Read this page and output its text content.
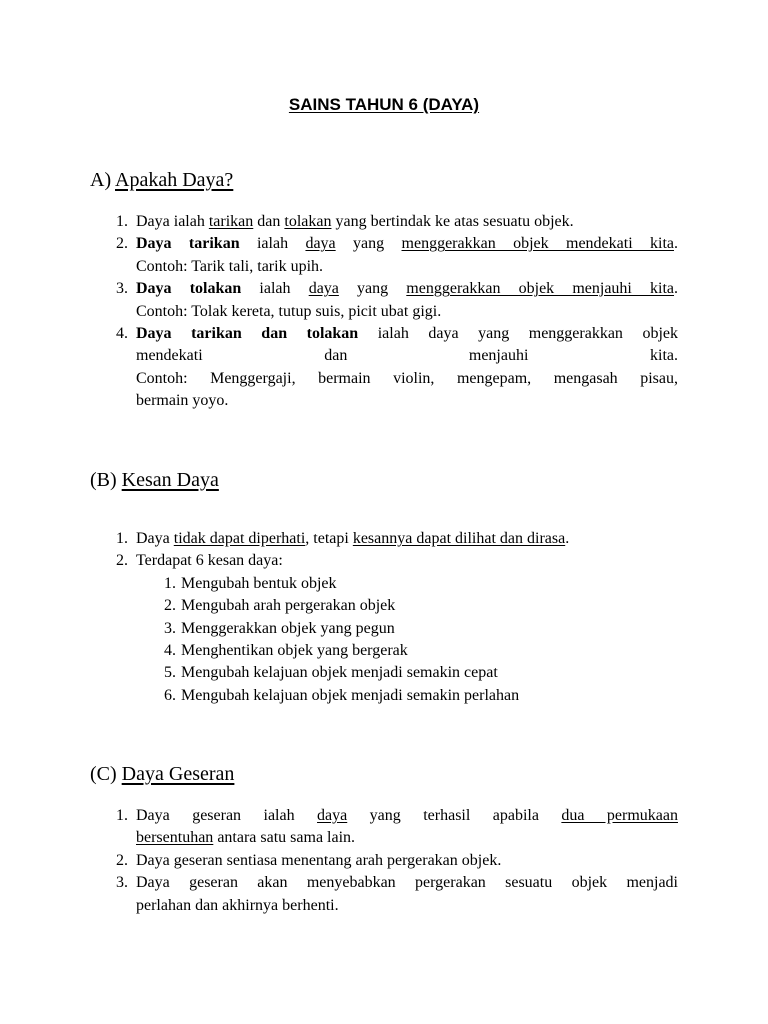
SAINS TAHUN 6 (DAYA)
A) Apakah Daya?
1. Daya ialah tarikan dan tolakan yang bertindak ke atas sesuatu objek.
2. Daya tarikan ialah daya yang menggerakkan objek mendekati kita.
Contoh: Tarik tali, tarik upih.
3. Daya tolakan ialah daya yang menggerakkan objek menjauhi kita.
Contoh: Tolak kereta, tutup suis, picit ubat gigi.
4. Daya tarikan dan tolakan ialah daya yang menggerakkan objek
mendekati dan menjauhi kita.
Contoh: Menggergaji, bermain violin, mengepam, mengasah pisau,
bermain yoyo.
(B) Kesan Daya
1. Daya tidak dapat diperhati, tetapi kesannya dapat dilihat dan dirasa.
2. Terdapat 6 kesan daya:
1. Mengubah bentuk objek
2. Mengubah arah pergerakan objek
3. Menggerakkan objek yang pegun
4. Menghentikan objek yang bergerak
5. Mengubah kelajuan objek menjadi semakin cepat
6. Mengubah kelajuan objek menjadi semakin perlahan
(C) Daya Geseran
1. Daya geseran ialah daya yang terhasil apabila dua permukaan
bersentuhan antara satu sama lain.
2. Daya geseran sentiasa menentang arah pergerakan objek.
3. Daya geseran akan menyebabkan pergerakan sesuatu objek menjadi
perlahan dan akhirnya berhenti.
